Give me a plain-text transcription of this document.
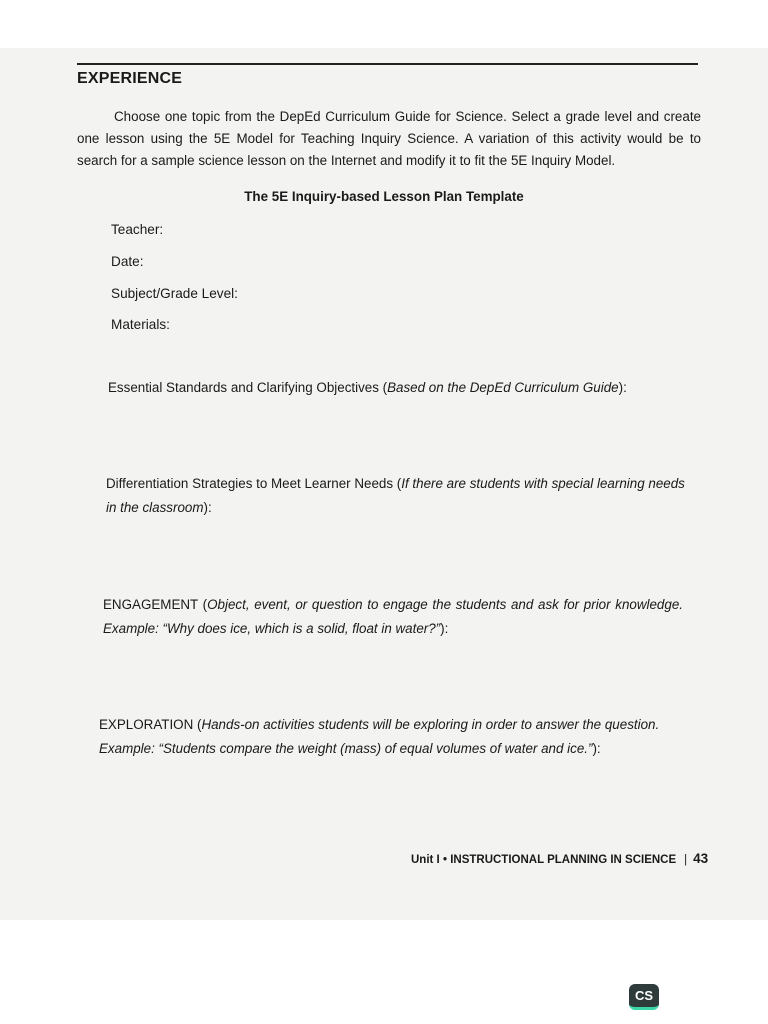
EXPERIENCE
Choose one topic from the DepEd Curriculum Guide for Science. Select a grade level and create one lesson using the 5E Model for Teaching Inquiry Science. A variation of this activity would be to search for a sample science lesson on the Internet and modify it to fit the 5E Inquiry Model.
The 5E Inquiry-based Lesson Plan Template
Teacher:
Date:
Subject/Grade Level:
Materials:
Essential Standards and Clarifying Objectives (Based on the DepEd Curriculum Guide):
Differentiation Strategies to Meet Learner Needs (If there are students with special learning needs in the classroom):
ENGAGEMENT (Object, event, or question to engage the students and ask for prior knowledge. Example: “Why does ice, which is a solid, float in water?”):
EXPLORATION (Hands-on activities students will be exploring in order to answer the question. Example: “Students compare the weight (mass) of equal volumes of water and ice.”):
Unit I • INSTRUCTIONAL PLANNING IN SCIENCE | 43
CS
